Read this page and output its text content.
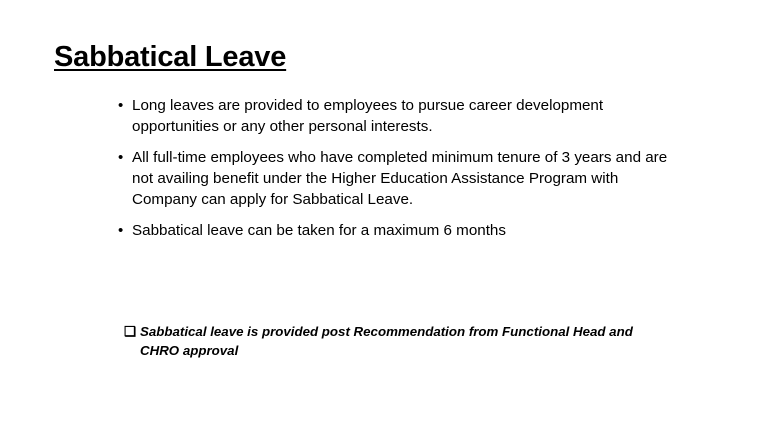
Sabbatical Leave
• Long leaves are provided to employees to pursue career development opportunities or any other personal interests.
• All full-time employees who have completed minimum tenure of 3 years and are not availing benefit under the Higher Education Assistance Program with Company can apply for Sabbatical Leave.
• Sabbatical leave can be taken for a maximum 6 months
❑ Sabbatical leave is provided post Recommendation from Functional Head and CHRO approval
